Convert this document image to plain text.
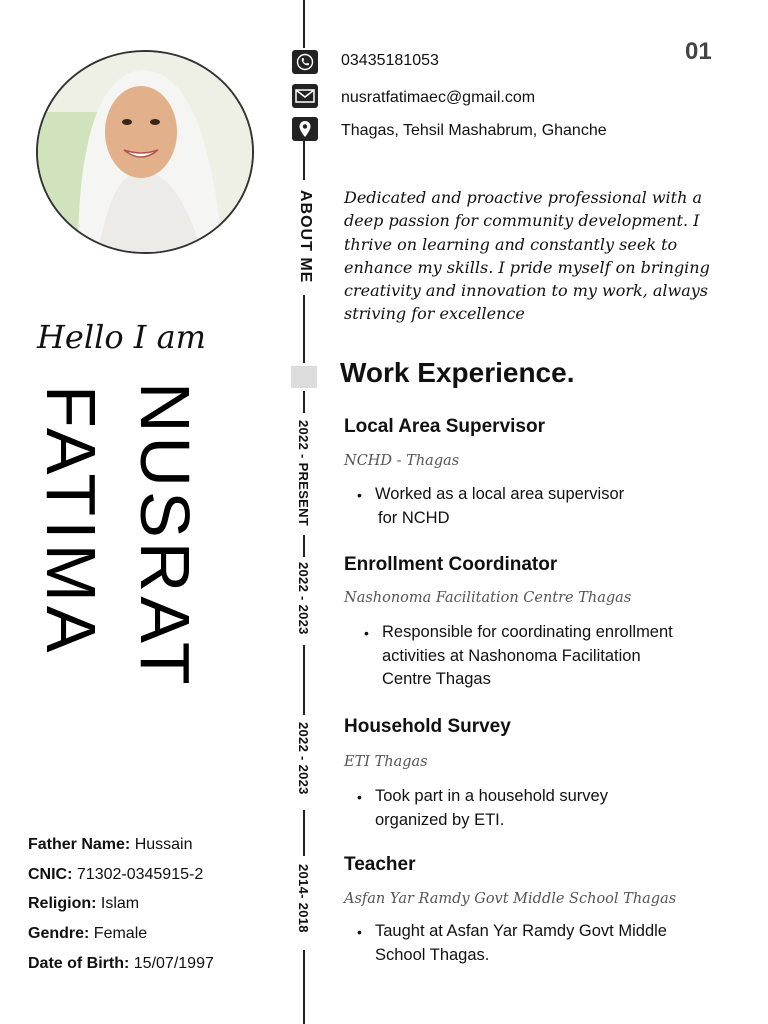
01
Hello I am
NUSRAT
FATIMA
Father Name: Hussain
CNIC: 71302-0345915-2
Religion: Islam
Gendre: Female
Date of Birth: 15/07/1997
03435181053
nusratfatimaec@gmail.com
Thagas, Tehsil Mashabrum, Ghanche
ABOUT ME Dedicated and proactive professional with a deep passion for community development. I thrive on learning and constantly seek to enhance my skills. I pride myself on bringing creativity and innovation to my work, always striving for excellence
Work Experience.
2022 - PRESENT
2022 - 2023
2022 - 2023
2014- 2018
Local Area Supervisor
NCHD - Thagas
• Worked as a local area supervisor
for NCHD
Enrollment Coordinator
Nashonoma Facilitation Centre Thagas
• Responsible for coordinating enrollment
activities at Nashonoma Facilitation
Centre Thagas
Household Survey
ETI Thagas
• Took part in a household survey
organized by ETI.
Teacher
Asfan Yar Ramdy Govt Middle School Thagas
• Taught at Asfan Yar Ramdy Govt Middle
School Thagas.
